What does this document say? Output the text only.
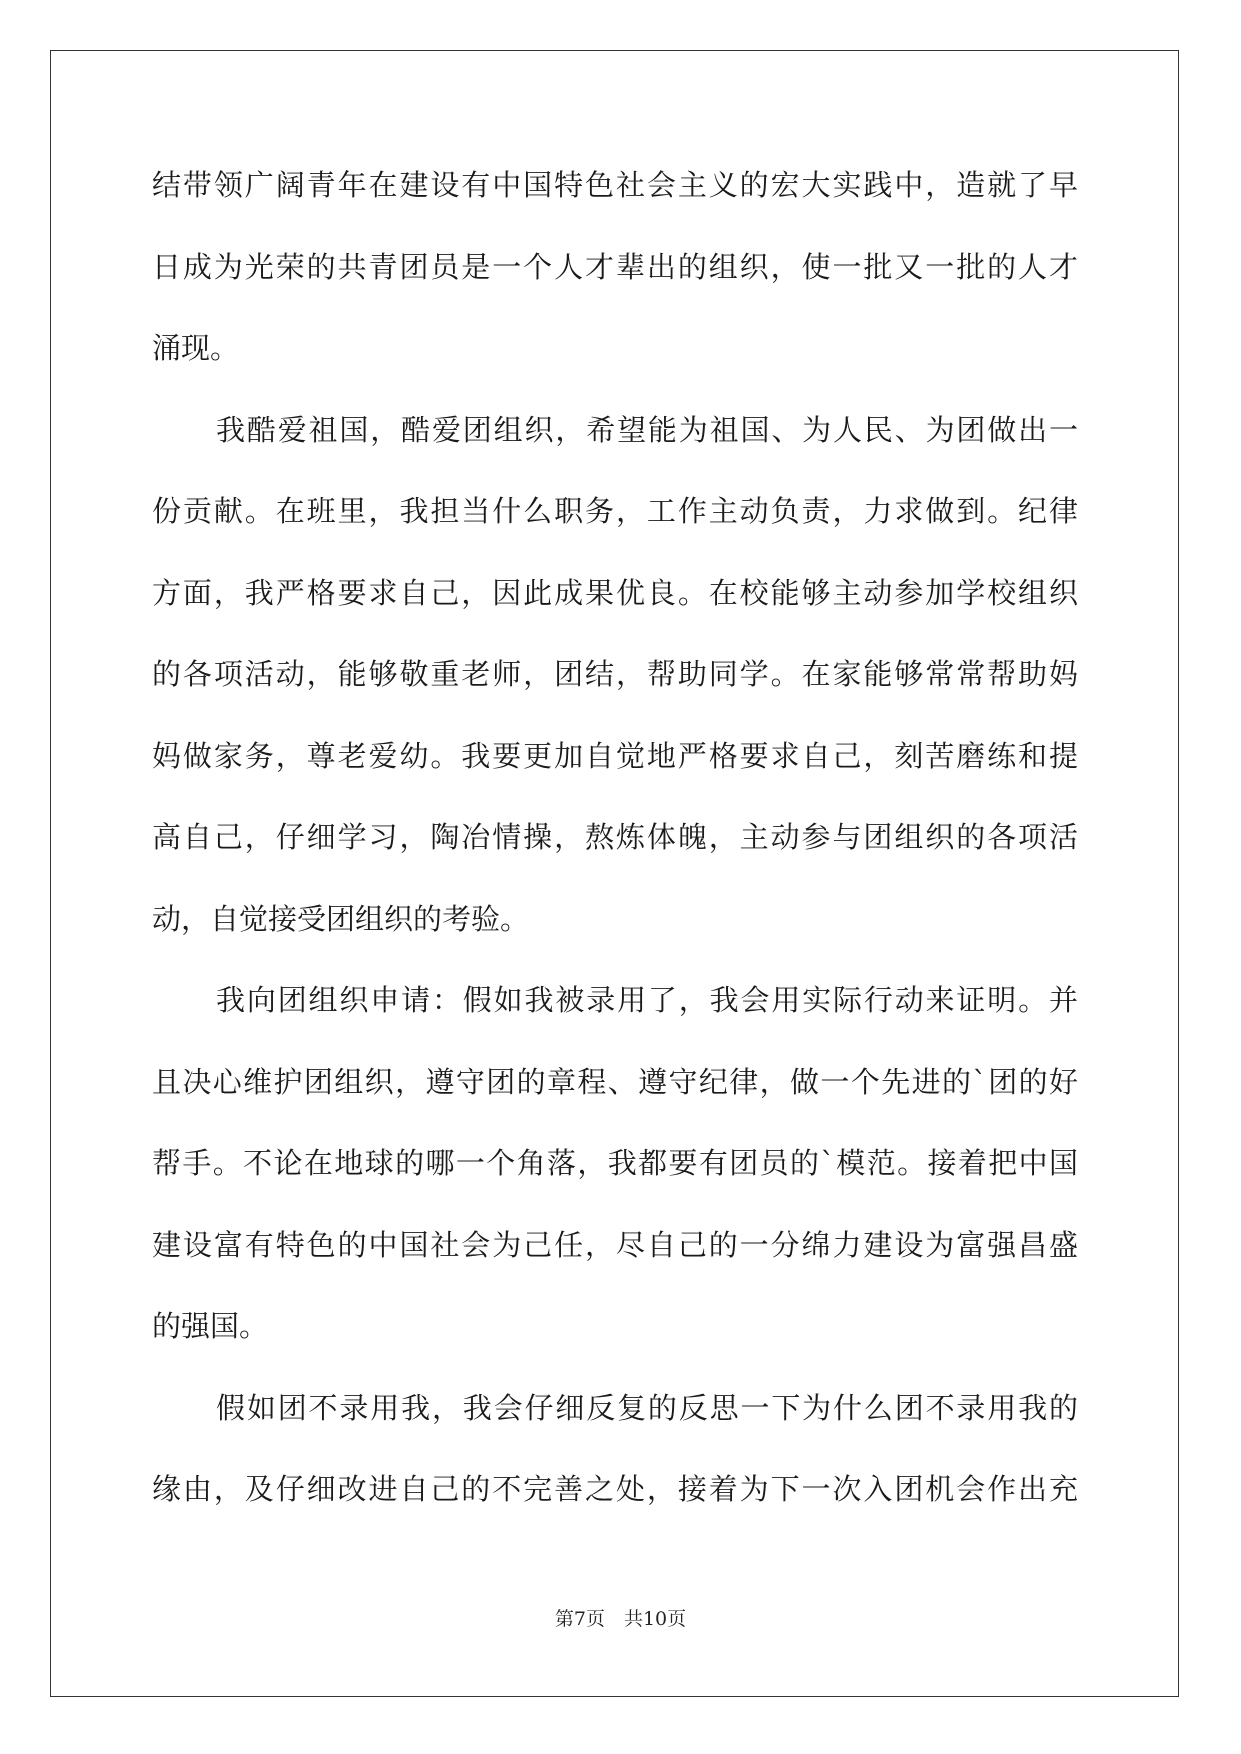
结带领广阔青年在建设有中国特色社会主义的宏大实践中，造就了早
日成为光荣的共青团员是一个人才辈出的组织，使一批又一批的人才
涌现。
我酷爱祖国，酷爱团组织，希望能为祖国、为人民、为团做出一
份贡献。在班里，我担当什么职务，工作主动负责，力求做到。纪律
方面，我严格要求自己，因此成果优良。在校能够主动参加学校组织
的各项活动，能够敬重老师，团结，帮助同学。在家能够常常帮助妈
妈做家务，尊老爱幼。我要更加自觉地严格要求自己，刻苦磨练和提
高自己，仔细学习，陶冶情操，熬炼体魄，主动参与团组织的各项活
动，自觉接受团组织的考验。
我向团组织申请：假如我被录用了，我会用实际行动来证明。并
且决心维护团组织，遵守团的章程、遵守纪律，做一个先进的`团的好
帮手。不论在地球的哪一个角落，我都要有团员的`模范。接着把中国
建设富有特色的中国社会为己任，尽自己的一分绵力建设为富强昌盛
的强国。
假如团不录用我，我会仔细反复的反思一下为什么团不录用我的
缘由，及仔细改进自己的不完善之处，接着为下一次入团机会作出充
第7页　共10页
